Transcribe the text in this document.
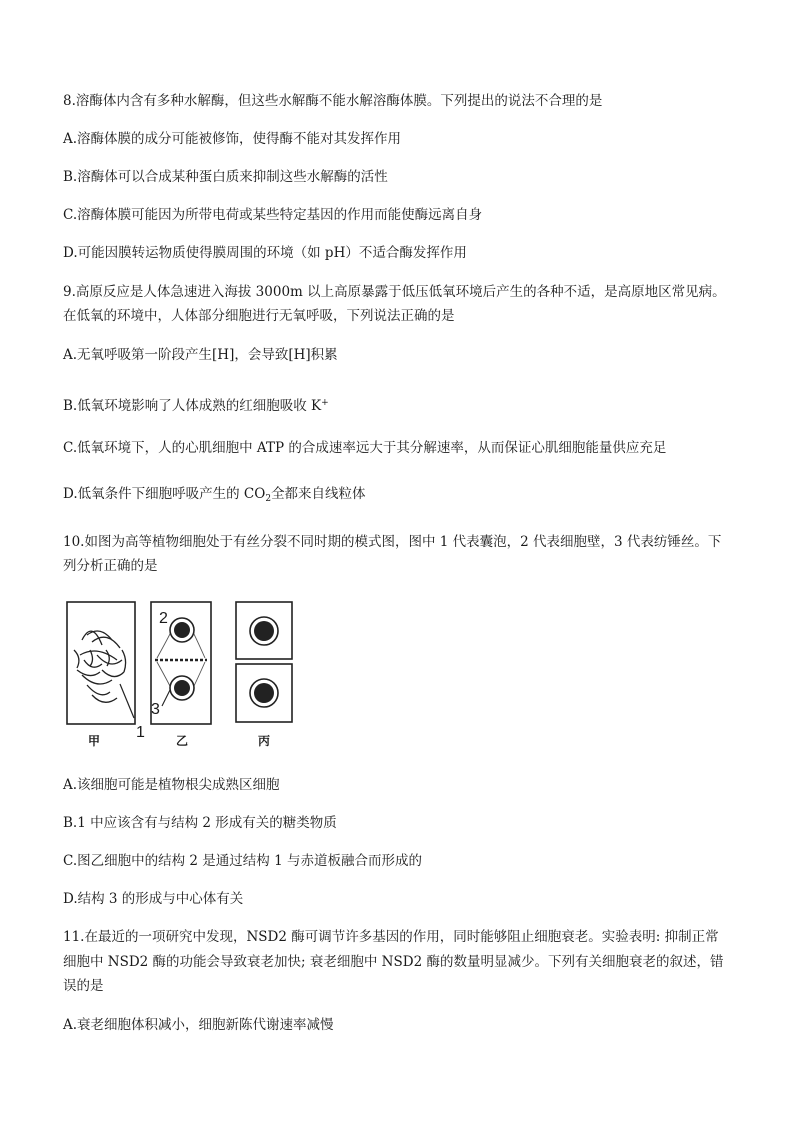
8.溶酶体内含有多种水解酶，但这些水解酶不能水解溶酶体膜。下列提出的说法不合理的是
A.溶酶体膜的成分可能被修饰，使得酶不能对其发挥作用
B.溶酶体可以合成某种蛋白质来抑制这些水解酶的活性
C.溶酶体膜可能因为所带电荷或某些特定基因的作用而能使酶远离自身
D.可能因膜转运物质使得膜周围的环境（如 pH）不适合酶发挥作用
9.高原反应是人体急速进入海拔 3000m 以上高原暴露于低压低氧环境后产生的各种不适，是高原地区常见病。
在低氧的环境中，人体部分细胞进行无氧呼吸，下列说法正确的是
A.无氧呼吸第一阶段产生[H]，会导致[H]积累
B.低氧环境影响了人体成熟的红细胞吸收 K+
C.低氧环境下，人的心肌细胞中 ATP 的合成速率远大于其分解速率，从而保证心肌细胞能量供应充足
D.低氧条件下细胞呼吸产生的 $CO_2$全都来自线粒体
10.如图为高等植物细胞处于有丝分裂不同时期的模式图，图中 1 代表囊泡，2 代表细胞壁，3 代表纺锤丝。下
列分析正确的是
2
3
1
甲	乙	丙
A.该细胞可能是植物根尖成熟区细胞
B.1 中应该含有与结构 2 形成有关的糖类物质
C.图乙细胞中的结构 2 是通过结构 1 与赤道板融合而形成的
D.结构 3 的形成与中心体有关
11.在最近的一项研究中发现，NSD2 酶可调节许多基因的作用，同时能够阻止细胞衰老。实验表明: 抑制正常
细胞中 NSD2 酶的功能会导致衰老加快; 衰老细胞中 NSD2 酶的数量明显减少。下列有关细胞衰老的叙述，错
误的是
A.衰老细胞体积减小，细胞新陈代谢速率减慢
